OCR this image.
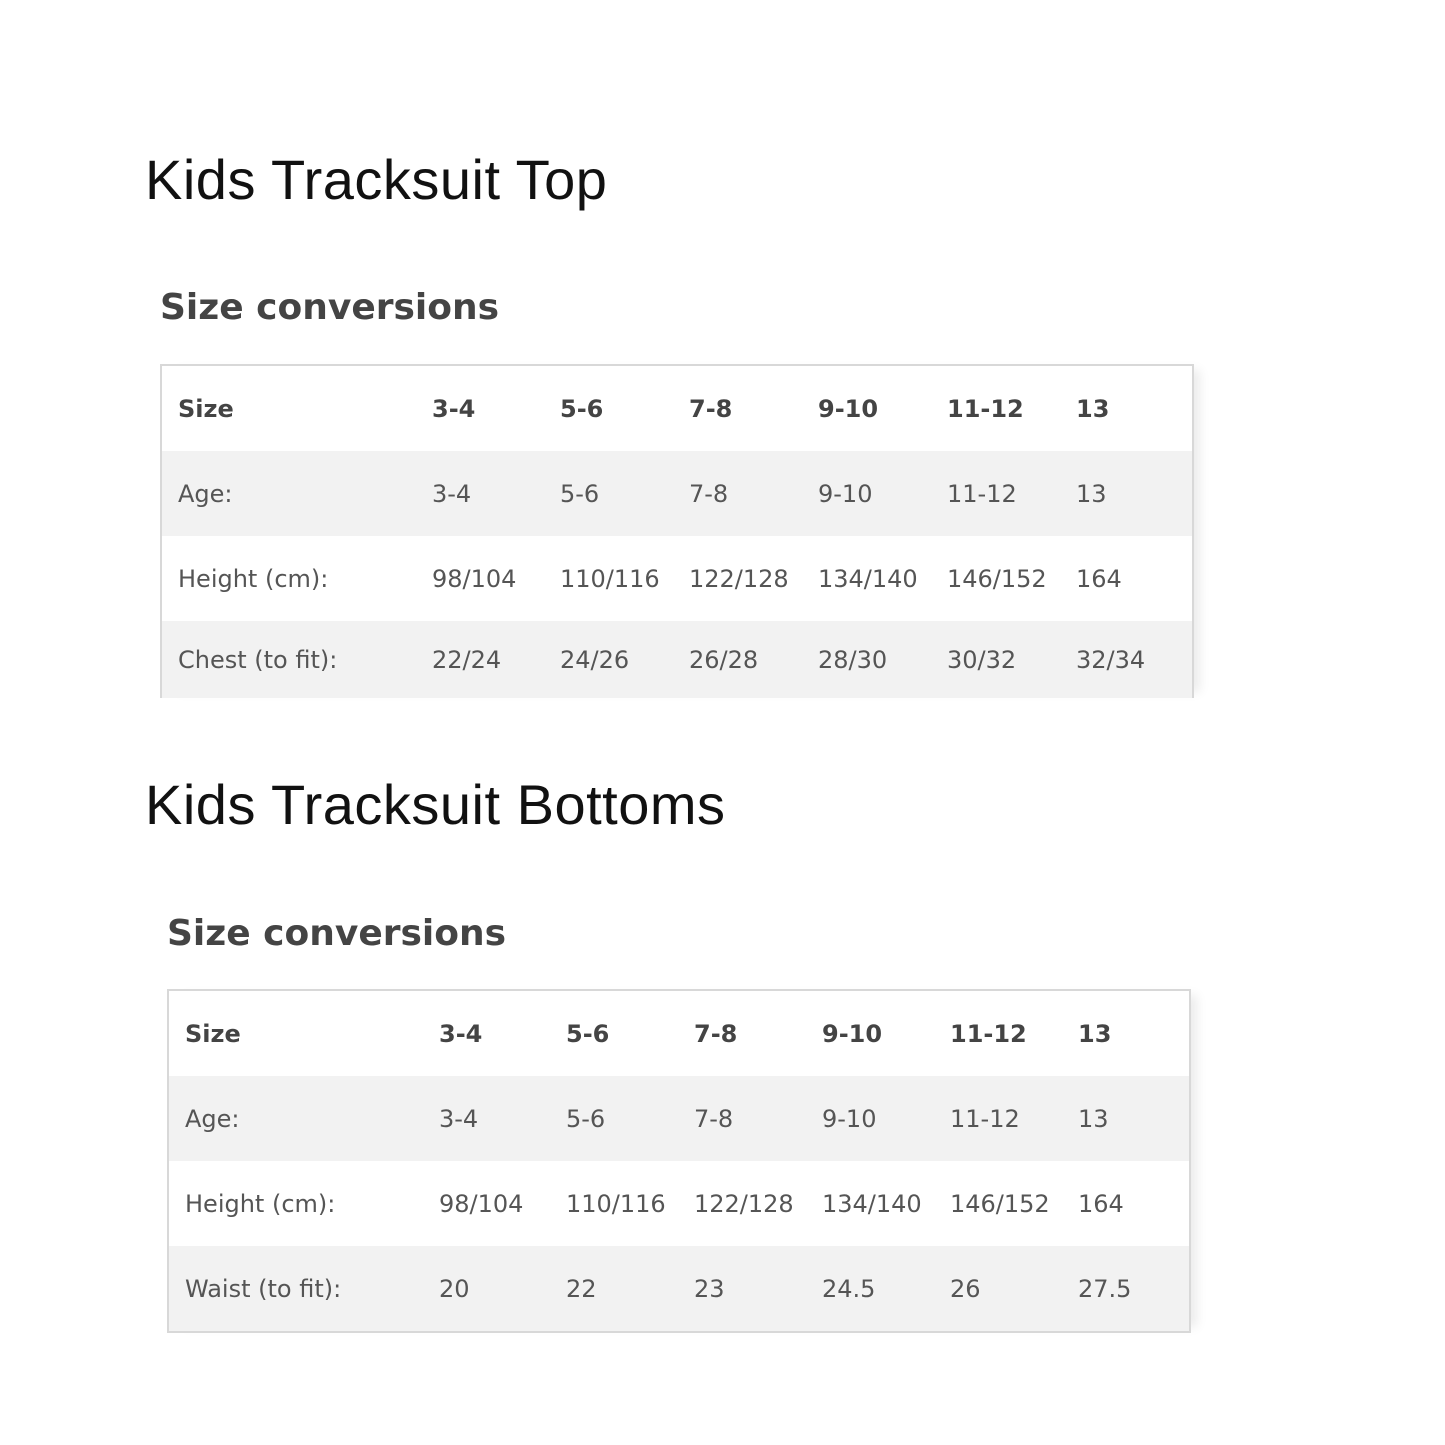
Kids Tracksuit Top
Size conversions
Size	3-4	5-6	7-8	9-10	11-12	13
Age:	3-4	5-6	7-8	9-10	11-12	13
Height (cm):	98/104	110/116	122/128	134/140	146/152	164
Chest (to fit):	22/24	24/26	26/28	28/30	30/32	32/34
Kids Tracksuit Bottoms
Size conversions
Size	3-4	5-6	7-8	9-10	11-12	13
Age:	3-4	5-6	7-8	9-10	11-12	13
Height (cm):	98/104	110/116	122/128	134/140	146/152	164
Waist (to fit):	20	22	23	24.5	26	27.5
